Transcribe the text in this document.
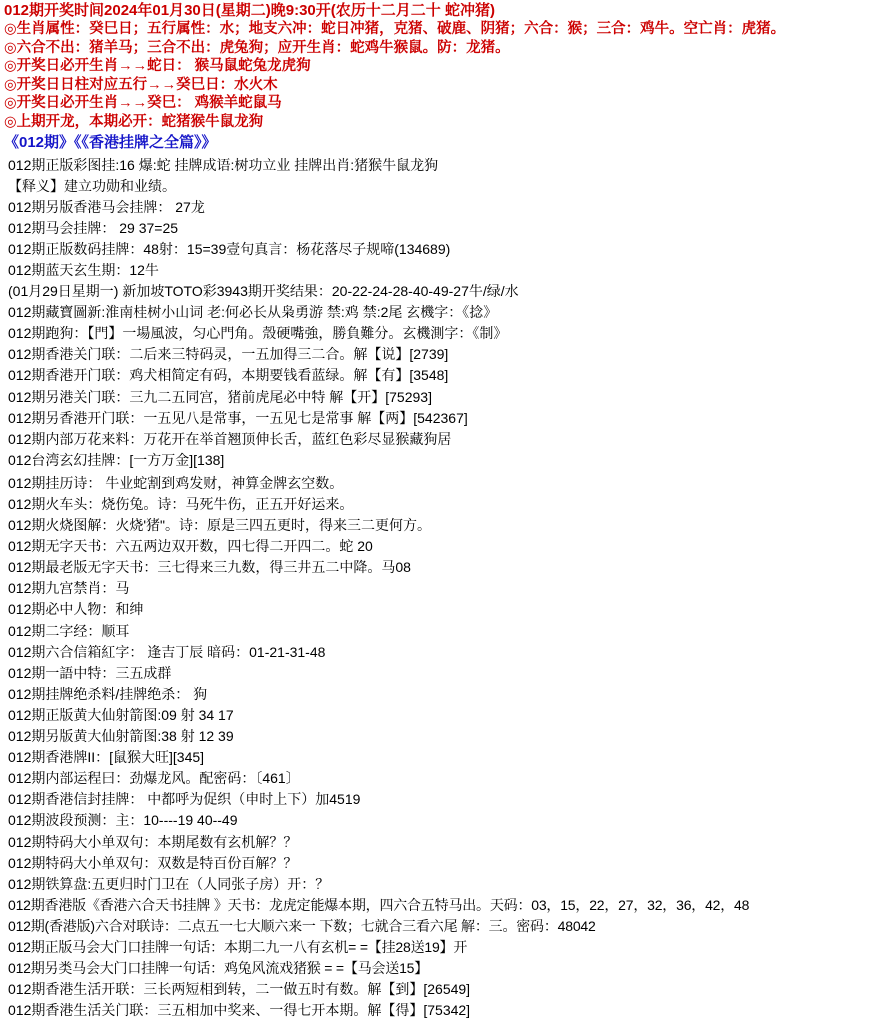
012期开奖时间2024年01月30日(星期二)晚9:30开(农历十二月二十 蛇冲猪)
◎生肖属性：癸巳日；五行属性：水；地支六冲：蛇日冲猪，克猪、破鹿、阴猪；六合：猴；三合：鸡牛。空亡肖：虎猪。
◎六合不出：猪羊马；三合不出：虎兔狗；应开生肖：蛇鸡牛猴鼠。防：龙猪。
◎开奖日必开生肖→→蛇日： 猴马鼠蛇兔龙虎狗
◎开奖日日柱对应五行→→癸巳日：水火木
◎开奖日必开生肖→→癸巳： 鸡猴羊蛇鼠马
◎上期开龙，本期必开：蛇猪猴牛鼠龙狗
《012期》《《香港挂牌之全篇》》
012期正版彩图挂:16 爆:蛇 挂牌成语:树功立业 挂牌出肖:猪猴牛鼠龙狗
【释义】建立功勋和业绩。
012期另版香港马会挂牌： 27龙
012期马会挂牌： 29 37=25
012期正版数码挂牌：48射：15=39壹句真言：杨花落尽子规啼(134689)
012期蓝天玄生期：12牛
(01月29日星期一) 新加坡TOTO彩3943期开奖结果：20-22-24-28-40-49-27牛/绿/水
012期藏寶圖新:淮南桂树小山词 老:何必长从枭勇游 禁:鸡 禁:2尾 玄機字：《捻》
012期跑狗：【門】一場風波，匀心門角。殼硬嘴強，勝負難分。玄機測字：《制》
012期香港关门联：二后来三特码灵，一五加得三二合。解【说】[2739]
012期香港开门联：鸡犬相简定有码，本期要钱看蓝绿。解【有】[3548]
012期另港关门联：三九二五同宫，猪前虎尾必中特 解【开】[75293]
012期另香港开门联：一五见八是常事，一五见七是常事 解【两】[542367]
012期内部万花来料：万花开在举首翘顶伸长舌，蓝红色彩尽显猴藏狗居
012台湾玄幻挂牌：[一方万金][138]
012期挂历诗： 牛业蛇割到鸡发财，神算金牌玄空数。
012期火车头：烧伤兔。诗：马死牛伤，正五开好运来。
012期火烧图解：火烧'猪"。诗：原是三四五更时，得来三二更何方。
012期无字天书：六五两边双开数，四七得二开四二。蛇 20
012期最老版无字天书：三七得来三九数，得三井五二中降。马08
012期九宫禁肖：马
012期必中人物：和绅
012期二字经：顺耳
012期六合信箱紅字： 逢吉丁辰 暗码：01-21-31-48
012期一語中特：三五成群
012期挂牌绝杀料/挂牌绝杀： 狗
012期正版黄大仙射箭图:09 射 34 17
012期另版黄大仙射箭图:38 射 12 39
012期香港牌II：[鼠猴大旺][345]
012期内部运程曰：劲爆龙风。配密码：〔461〕
012期香港信封挂牌： 中都呼为促织（申时上下）加4519
012期波段预测：主：10----19 40--49
012期特码大小单双句：本期尾数有玄机解？？
012期特码大小单双句：双数是特百份百解？？
012期铁算盘:五更归时门卫在（人同张子房）开：？
012期香港版《香港六合天书挂牌 》天书：龙虎定能爆本期，四六合五特马出。天码：03，15，22，27，32，36，42，48
012期(香港版)六合对联诗：二点五一七大顺六来一 下数；七就合三看六尾 解：三。密码：48042
012期正版马会大门口挂牌一句话：本期二九一八有玄机= =【挂28送19】开
012期另类马会大门口挂牌一句话：鸡兔风流戏猪猴 = =【马会送15】
012期香港生活开联：三长两短相到转，二一做五时有数。解【到】[26549]
012期香港生活关门联：三五相加中奖来、一得七开本期。解【得】[75342]
